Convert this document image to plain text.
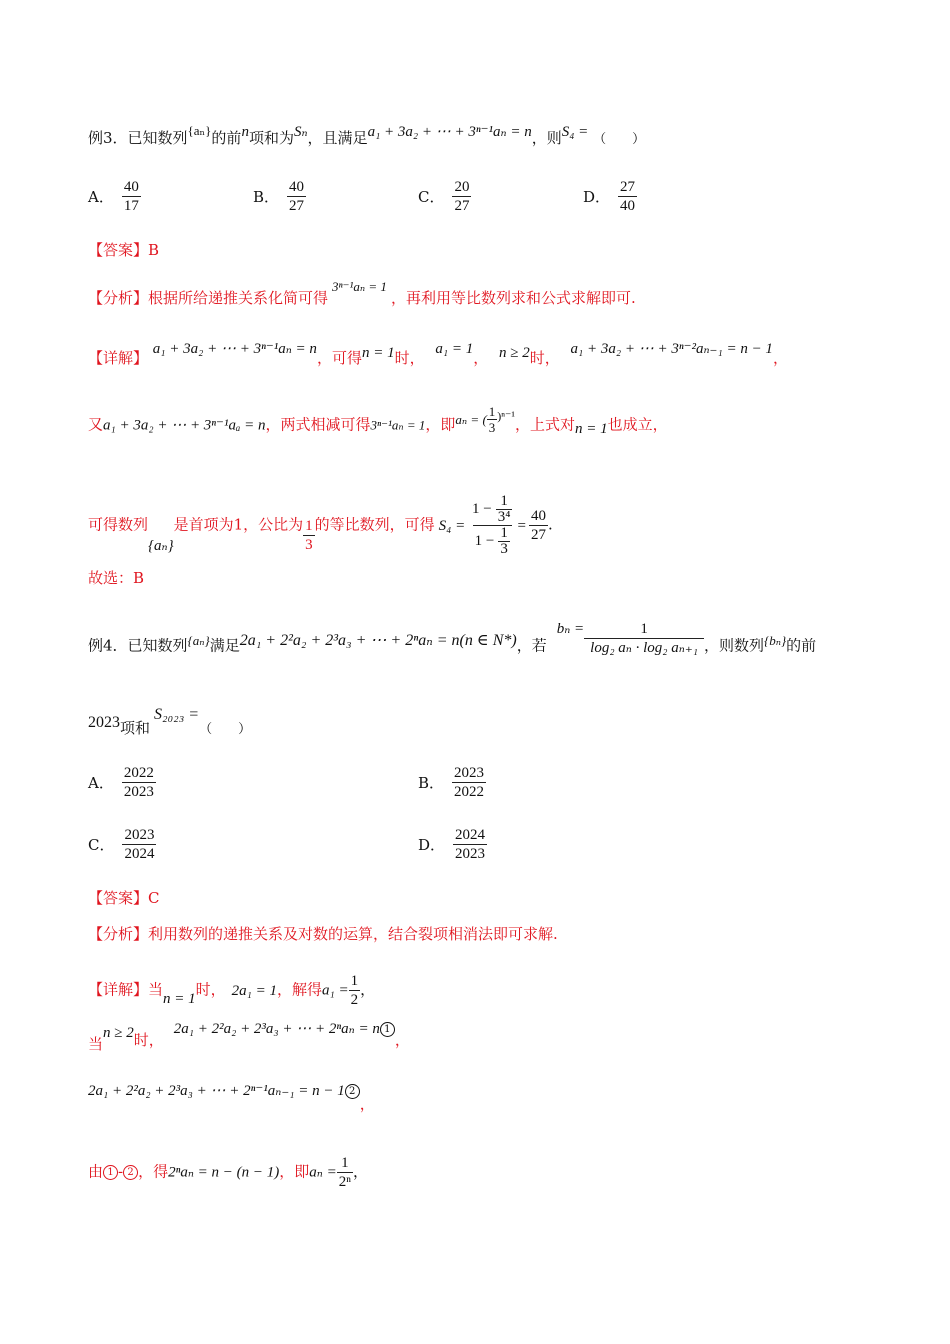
例3．已知数列{aₙ}的前n项和为Sₙ，且满足a₁ + 3a₂ + ⋯ + 3ⁿ⁻¹aₙ = n，则S₄ = （　　）
A． $\frac{40}{17}$	B． $\frac{40}{27}$	C． $\frac{20}{27}$	D． $\frac{27}{40}$
【答案】B
【分析】根据所给递推关系化简可得3ⁿ⁻¹aₙ = 1，再利用等比数列求和公式求解即可.
【详解】 a₁ + 3a₂ + ⋯ + 3ⁿ⁻¹aₙ = n，可得n = 1时， a₁ = 1， n ≥ 2时， a₁ + 3a₂ + ⋯ + 3ⁿ⁻²aₙ₋₁ = n − 1，
又a₁ + 3a₂ + ⋯ + 3ⁿ⁻¹aₐ = n，两式相减可得3ⁿ⁻¹aₙ = 1，即aₙ = ( $\frac{1}{3} ^{)^{n-1}}$，上式对n = 1也成立，
可得数列{aₙ}是首项为1，公比为 $\frac{1}{3}$ 的等比数列，可得 $S_4 = \frac{1 - \frac{1}{\text{3⁴}}}{1 - \frac{1}{3}} = \frac{40}{27}$ .
故选：B
例4．已知数列{aₙ}满足2a₁ + 2²a₂ + 2³a₃ + ⋯ + 2ⁿaₙ = n(n ∈ N*)，若$b_n = \frac{1}{\text{log₂ aₙ · log₂ aₙ₊₁}}$ ，则数列{bₙ}的前
2023项和S₂₀₂₃ =（　　）
A． $\frac{2022}{2023}$	B． $\frac{2023}{2022}$
C． $\frac{2023}{2024}$	D． $\frac{2024}{2023}$
【答案】C
【分析】利用数列的递推关系及对数的运算，结合裂项相消法即可求解.
【详解】当n = 1时， 2a₁ = 1，解得$a_1 = \frac{1}{2}$ ，
当n ≥ 2时，2a₁ + 2²a₂ + 2³a₃ + ⋯ + 2ⁿaₙ = n 1，
2a₁ + 2²a₂ + 2³a₃ + ⋯ + 2ⁿ⁻¹aₙ₋₁ = n − 1 2，
由 1 - 2 ，得2ⁿaₙ = n − (n − 1)，即$a_n = \frac{1}{\text{2ⁿ}}$ ，
